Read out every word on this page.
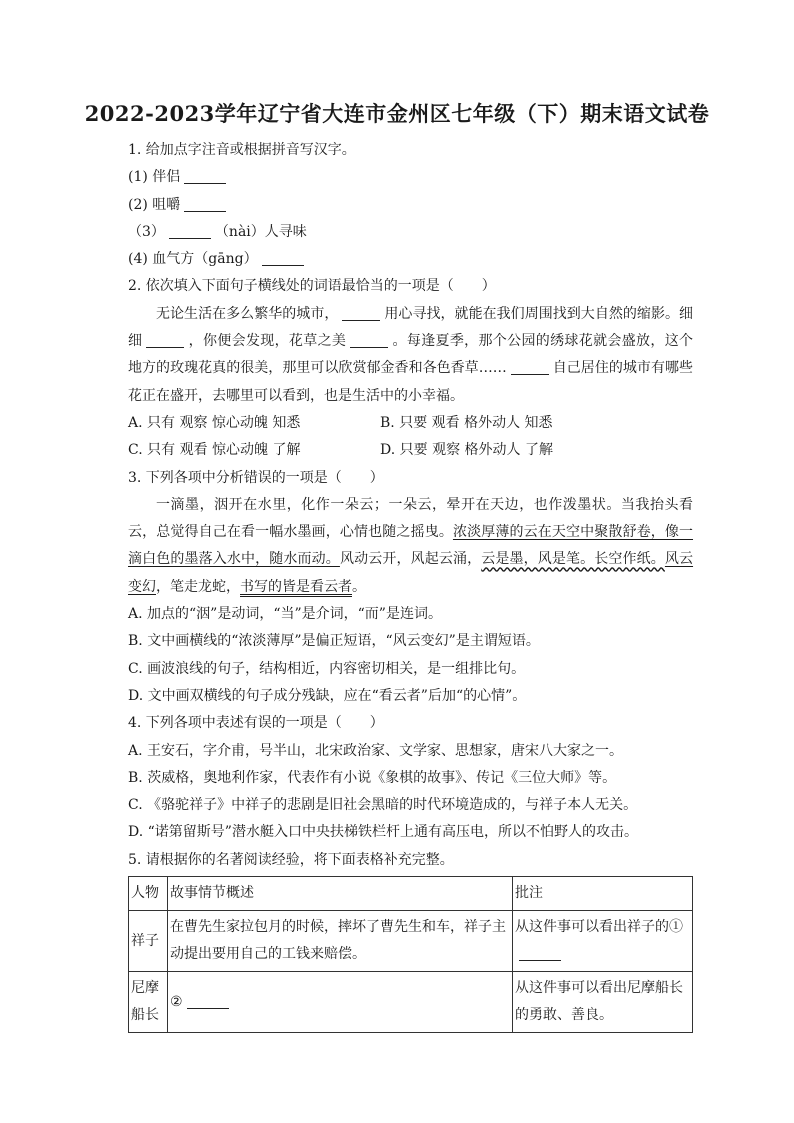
2022-2023学年辽宁省大连市金州区七年级（下）期末语文试卷
1. 给加点字注音或根据拼音写汉字。
(1) 伴侣
(2) 咀嚼
（3）	（nài）人寻味
(4) 血气方（gāng）
2. 依次填入下面句子横线处的词语最恰当的一项是（　　）
无论生活在多么繁华的城市，	用心寻找，就能在我们周围找到大自然的缩影。细细	，你便会发现，花草之美	。每逢夏季，那个公园的绣球花就会盛放，这个地方的玫瑰花真的很美，那里可以欣赏郁金香和各色香草……	自己居住的城市有哪些花正在盛开，去哪里可以看到，也是生活中的小幸福。
A. 只有 观察 惊心动魄 知悉	B. 只要 观看 格外动人 知悉
C. 只有 观看 惊心动魄 了解	D. 只要 观察 格外动人 了解
3. 下列各项中分析错误的一项是（　　）
一滴墨，洇开在水里，化作一朵云；一朵云，晕开在天边，也作泼墨状。当我抬头看云，总觉得自己在看一幅水墨画，心情也随之摇曳。浓淡厚薄的云在天空中聚散舒卷，像一滴白色的墨落入水中，随水而动。风动云开，风起云涌，云是墨，风是笔。长空作纸。风云变幻，笔走龙蛇，书写的皆是看云者。
A. 加点的“洇”是动词，“当”是介词，“而”是连词。
B. 文中画横线的“浓淡薄厚”是偏正短语，“风云变幻”是主谓短语。
C. 画波浪线的句子，结构相近，内容密切相关，是一组排比句。
D. 文中画双横线的句子成分残缺，应在“看云者”后加“的心情”。
4. 下列各项中表述有误的一项是（　　）
A. 王安石，字介甫，号半山，北宋政治家、文学家、思想家，唐宋八大家之一。
B. 茨威格，奥地利作家，代表作有小说《象棋的故事》、传记《三位大师》等。
C. 《骆驼祥子》中祥子的悲剧是旧社会黑暗的时代环境造成的，与祥子本人无关。
D. “诺第留斯号”潜水艇入口中央扶梯铁栏杆上通有高压电，所以不怕野人的攻击。
5. 请根据你的名著阅读经验，将下面表格补充完整。
人物	故事情节概述	批注
祥子	在曹先生家拉包月的时候，摔坏了曹先生和车，祥子主动提出要用自己的工钱来赔偿。	从这件事可以看出祥子的①

尼摩船长	②	从这件事可以看出尼摩船长的勇敢、善良。
